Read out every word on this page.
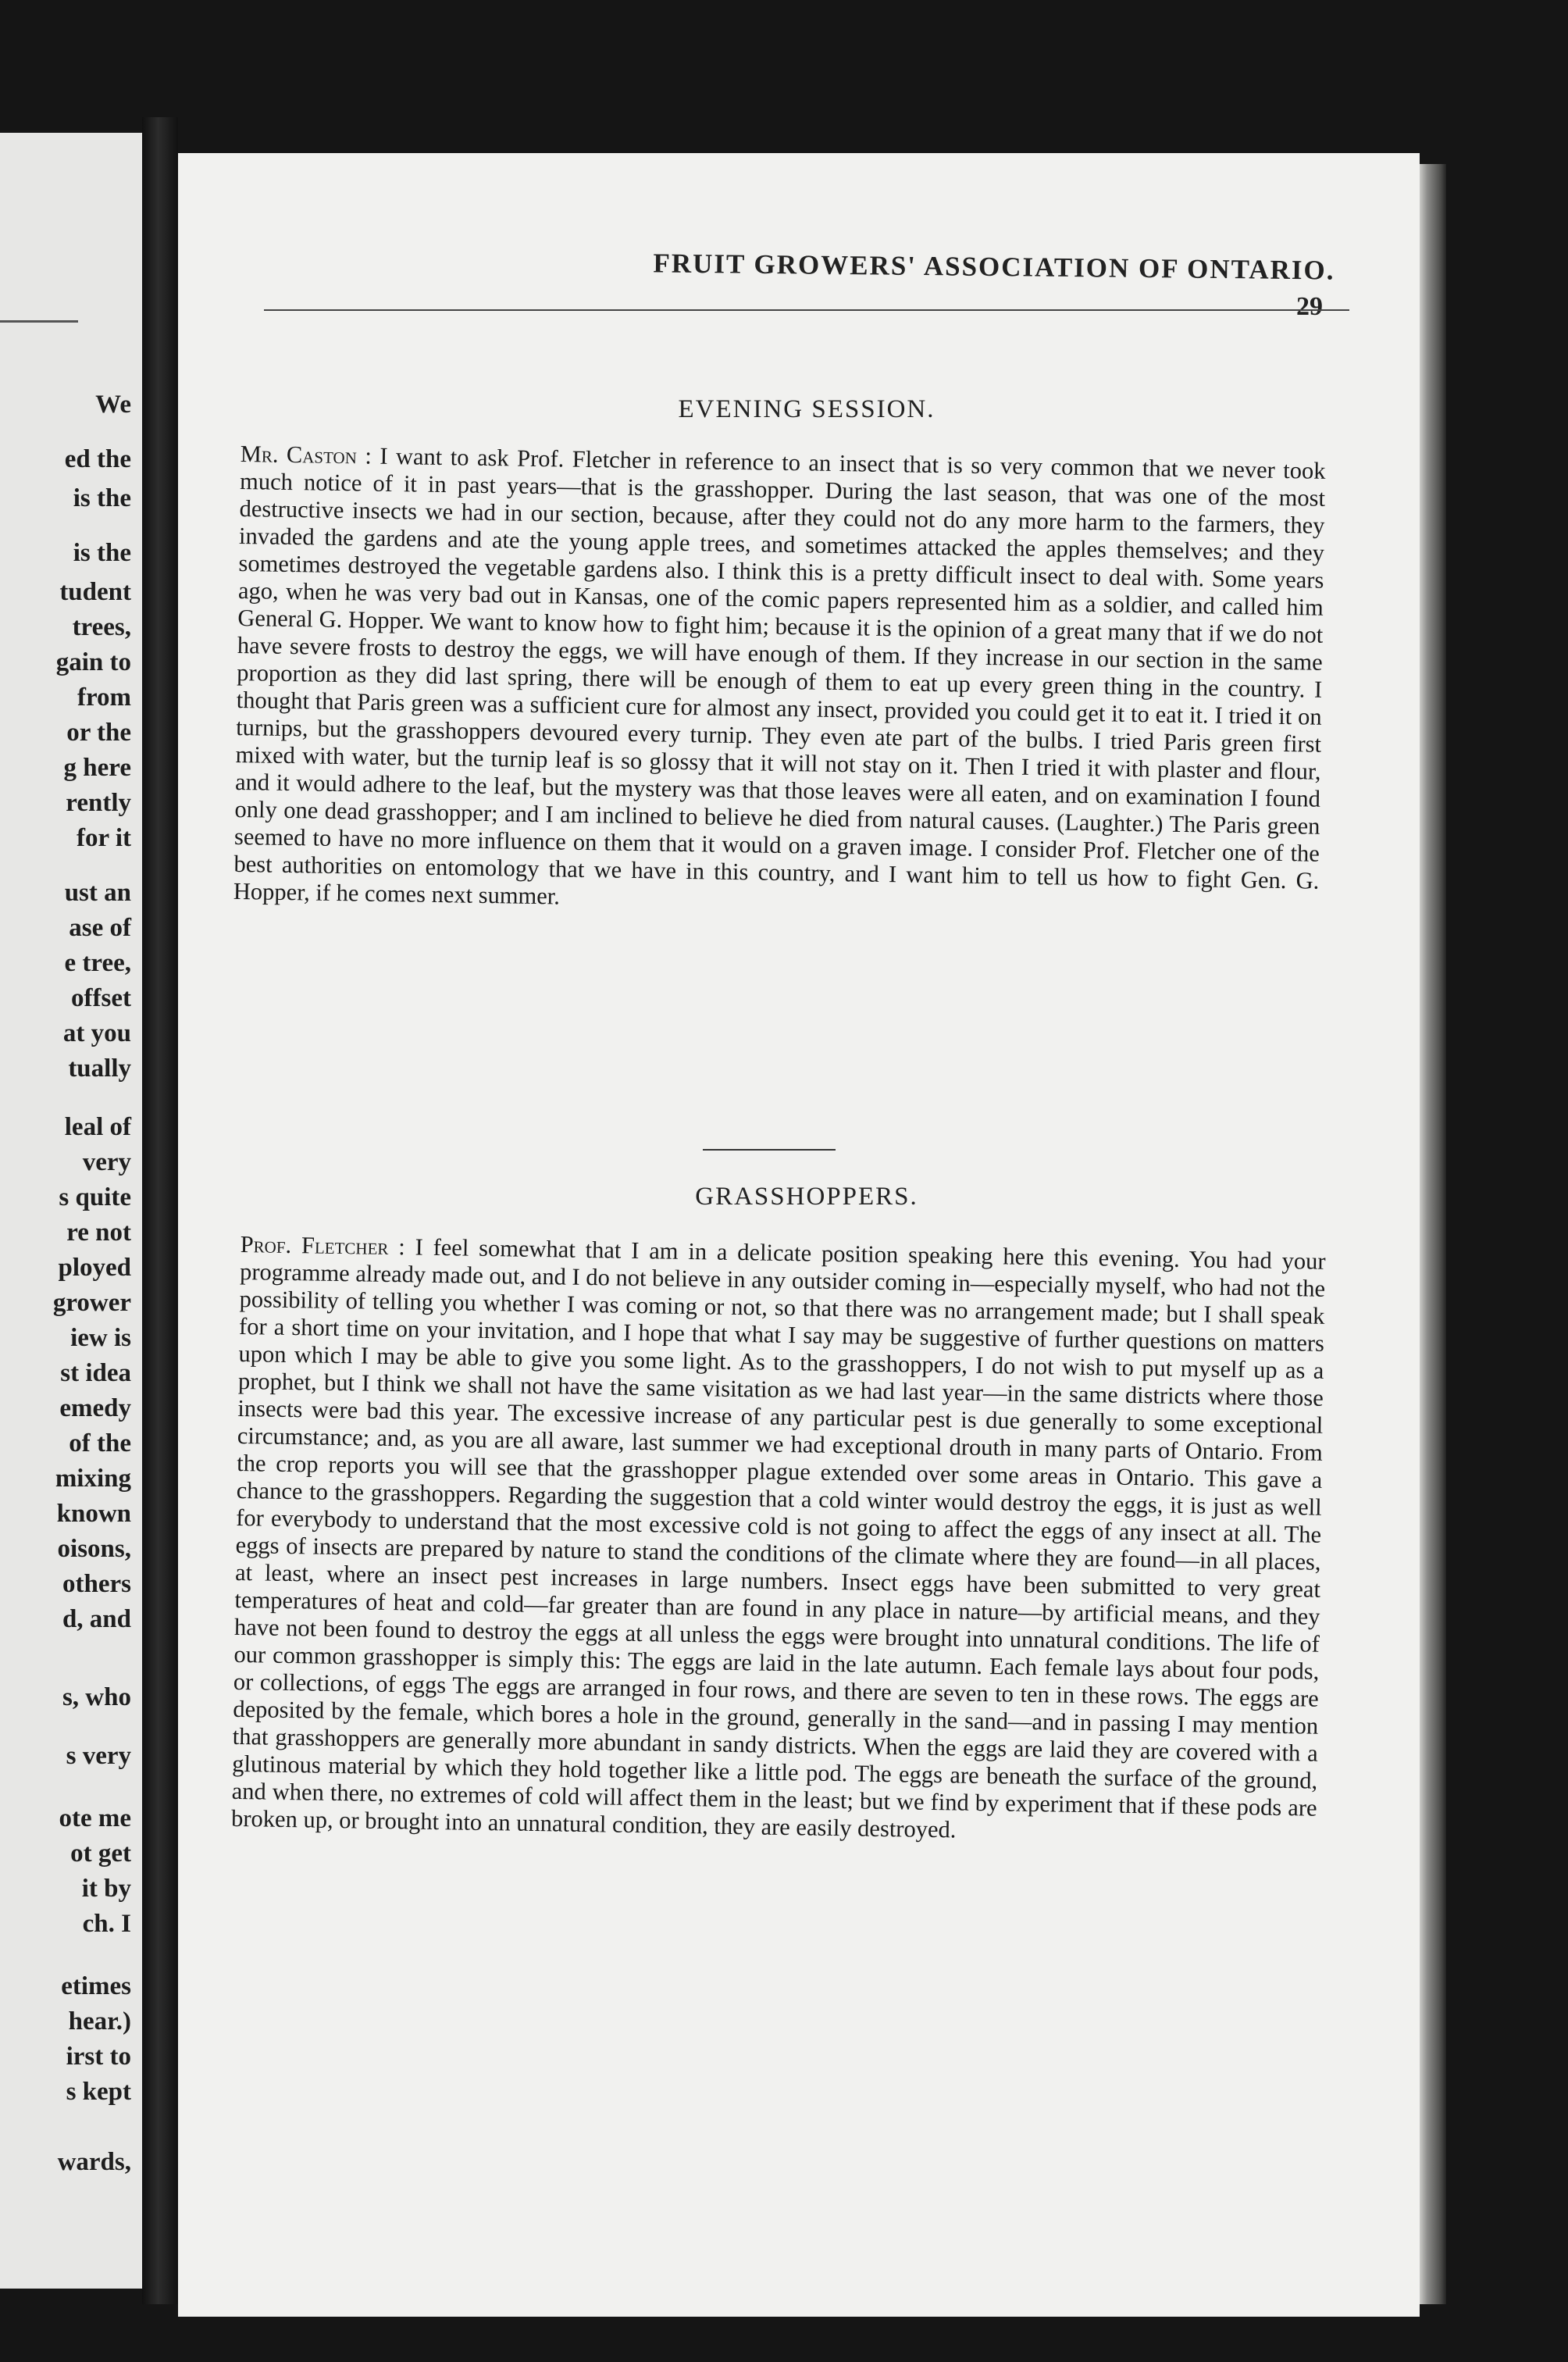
We
ed the
is the
is the
tudent
trees,
gain to
from
or the
g here
rently
for it
ust an
ase of
e tree,
offset
at you
tually
leal of
very
s quite
re not
ployed
grower
iew is
st idea
emedy
of the
mixing
known
oisons,
others
d, and
s, who
s very
ote me
ot get
it by
ch. I
etimes
hear.)
irst to
s kept
wards,
FRUIT GROWERS' ASSOCIATION OF ONTARIO.
29
EVENING SESSION.
Mr. Caston : I want to ask Prof. Fletcher in reference to an insect that is so very common that we never took much notice of it in past years—that is the grasshopper. During the last season, that was one of the most destructive insects we had in our section, because, after they could not do any more harm to the farmers, they invaded the gardens and ate the young apple trees, and sometimes attacked the apples themselves; and they sometimes destroyed the vegetable gardens also. I think this is a pretty difficult insect to deal with. Some years ago, when he was very bad out in Kansas, one of the comic papers represented him as a soldier, and called him General G. Hopper. We want to know how to fight him; because it is the opinion of a great many that if we do not have severe frosts to destroy the eggs, we will have enough of them. If they increase in our section in the same proportion as they did last spring, there will be enough of them to eat up every green thing in the country. I thought that Paris green was a sufficient cure for almost any insect, provided you could get it to eat it. I tried it on turnips, but the grasshoppers devoured every turnip. They even ate part of the bulbs. I tried Paris green first mixed with water, but the turnip leaf is so glossy that it will not stay on it. Then I tried it with plaster and flour, and it would adhere to the leaf, but the mystery was that those leaves were all eaten, and on examination I found only one dead grasshopper; and I am inclined to believe he died from natural causes. (Laughter.) The Paris green seemed to have no more influence on them that it would on a graven image. I consider Prof. Fletcher one of the best authorities on entomology that we have in this country, and I want him to tell us how to fight Gen. G. Hopper, if he comes next summer.
GRASSHOPPERS.
Prof. Fletcher : I feel somewhat that I am in a delicate position speaking here this evening. You had your programme already made out, and I do not believe in any outsider coming in—especially myself, who had not the possibility of telling you whether I was coming or not, so that there was no arrangement made; but I shall speak for a short time on your invitation, and I hope that what I say may be suggestive of further questions on matters upon which I may be able to give you some light. As to the grasshoppers, I do not wish to put myself up as a prophet, but I think we shall not have the same visitation as we had last year—in the same districts where those insects were bad this year. The excessive increase of any particular pest is due generally to some exceptional circumstance; and, as you are all aware, last summer we had exceptional drouth in many parts of Ontario. From the crop reports you will see that the grasshopper plague extended over some areas in Ontario. This gave a chance to the grasshoppers. Regarding the suggestion that a cold winter would destroy the eggs, it is just as well for everybody to understand that the most excessive cold is not going to affect the eggs of any insect at all. The eggs of insects are prepared by nature to stand the conditions of the climate where they are found—in all places, at least, where an insect pest increases in large numbers. Insect eggs have been submitted to very great temperatures of heat and cold—far greater than are found in any place in nature—by artificial means, and they have not been found to destroy the eggs at all unless the eggs were brought into unnatural conditions. The life of our common grasshopper is simply this: The eggs are laid in the late autumn. Each female lays about four pods, or collections, of eggs The eggs are arranged in four rows, and there are seven to ten in these rows. The eggs are deposited by the female, which bores a hole in the ground, generally in the sand—and in passing I may mention that grasshoppers are generally more abundant in sandy districts. When the eggs are laid they are covered with a glutinous material by which they hold together like a little pod. The eggs are beneath the surface of the ground, and when there, no extremes of cold will affect them in the least; but we find by experiment that if these pods are broken up, or brought into an unnatural condition, they are easily destroyed.
